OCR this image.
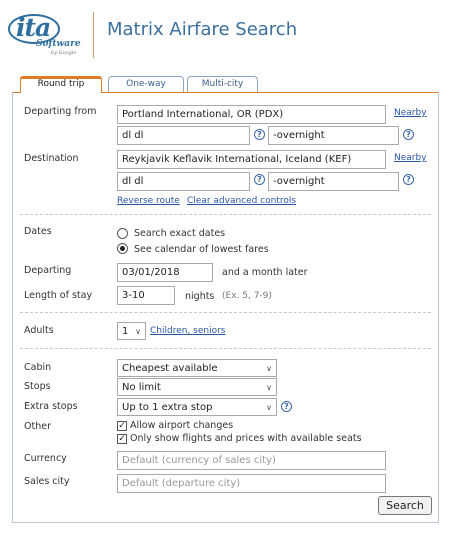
ita
Software
by Google
Matrix Airfare Search
Round trip	One-way	Multi-city
Departing from	Portland International, OR (PDX)	Nearby
dl dl	?	-overnight	?
Destination	Reykjavik Keflavik International, Iceland (KEF)	Nearby
dl dl	?	-overnight	?
Reverse route Clear advanced controls
Dates	Search exact dates
See calendar of lowest fares
Departing	03/01/2018	and a month later
Length of stay	3-10	nights (Ex. 5, 7-9)
Adults	1 ∨ Children, seniors
Cabin	Cheapest available	∨
Stops	No limit	∨
Extra stops	Up to 1 extra stop	∨	?
Other	✓ Allow airport changes
✓ Only show flights and prices with available seats
Currency	Default (currency of sales city)
Sales city	Default (departure city)
Search
